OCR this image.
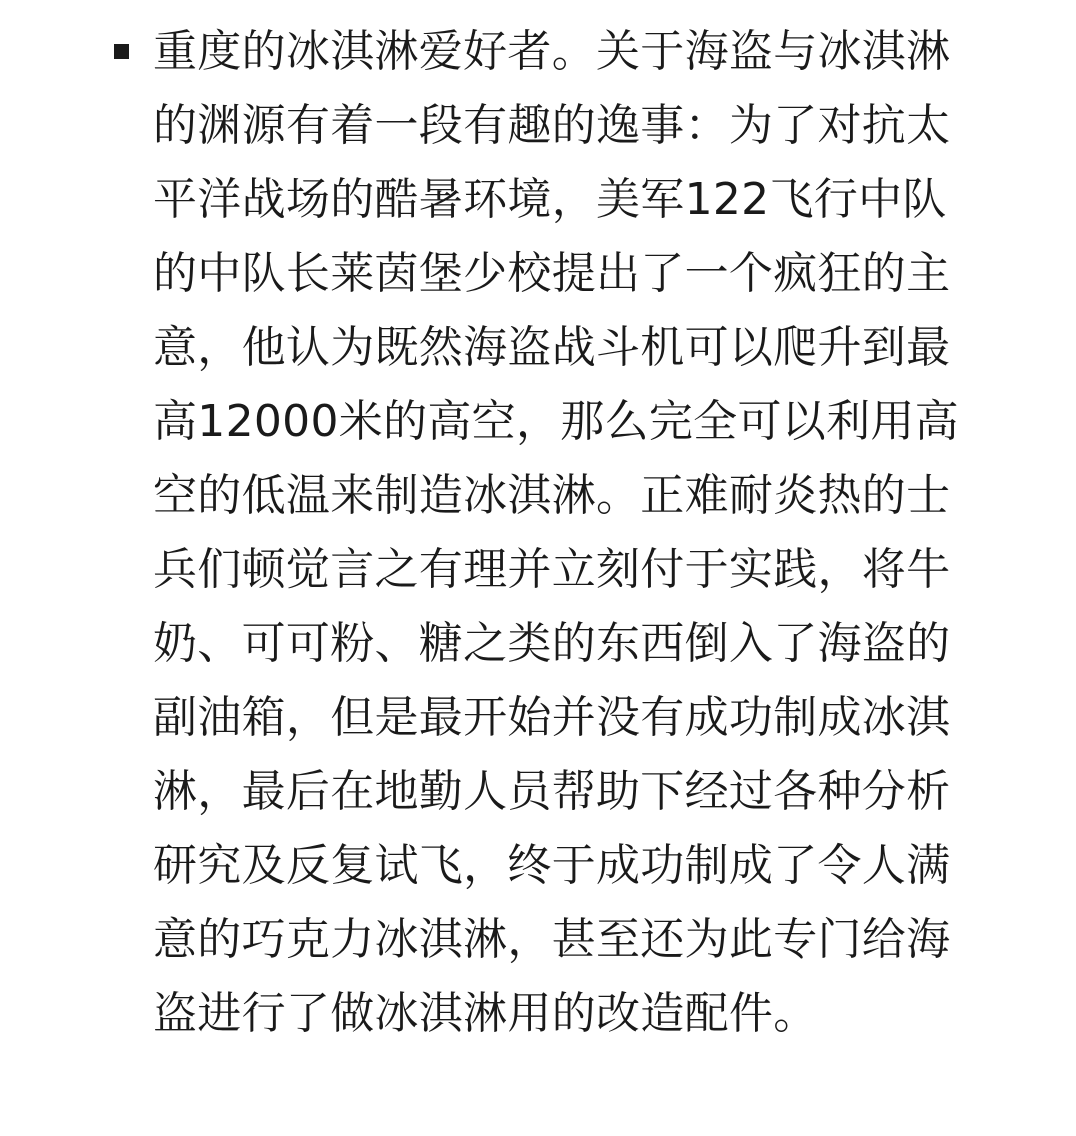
重度的冰淇淋爱好者。关于海盗与冰淇淋
的渊源有着一段有趣的逸事：为了对抗太
平洋战场的酷暑环境，美军122飞行中队
的中队长莱茵堡少校提出了一个疯狂的主
意，他认为既然海盗战斗机可以爬升到最
高12000米的高空，那么完全可以利用高
空的低温来制造冰淇淋。正难耐炎热的士
兵们顿觉言之有理并立刻付于实践，将牛
奶、可可粉、糖之类的东西倒入了海盗的
副油箱，但是最开始并没有成功制成冰淇
淋，最后在地勤人员帮助下经过各种分析
研究及反复试飞，终于成功制成了令人满
意的巧克力冰淇淋，甚至还为此专门给海
盗进行了做冰淇淋用的改造配件。
